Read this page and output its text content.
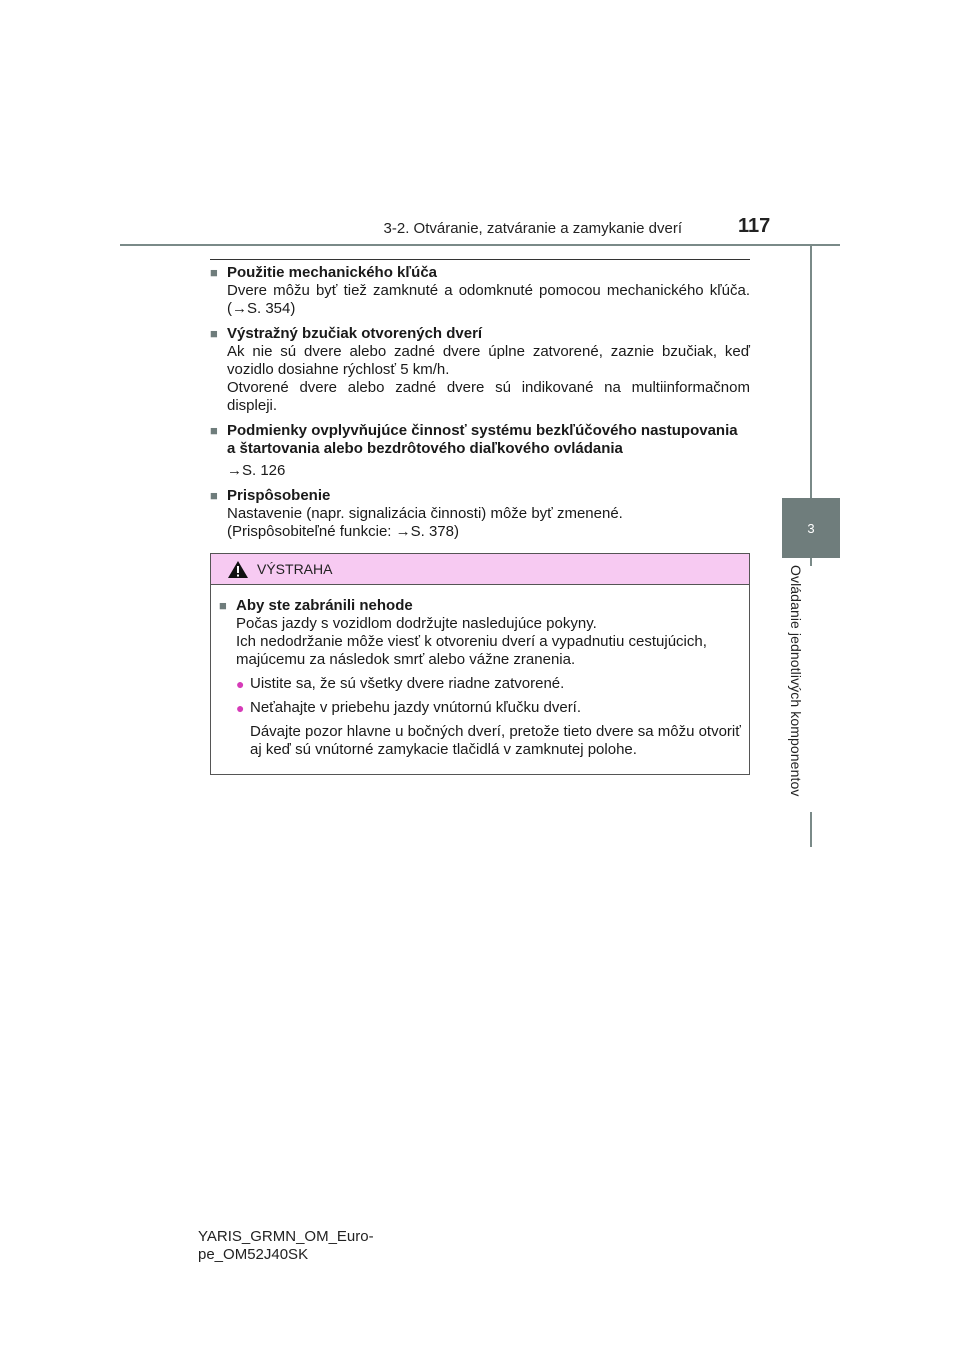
3-2. Otváranie, zatváranie a zamykanie dverí	117
3
Ovládanie jednotlivých komponentov
■ Použitie mechanického kľúča
Dvere môžu byť tiež zamknuté a odomknuté pomocou mechanického kľúča. (→S. 354)
■ Výstražný bzučiak otvorených dverí
Ak nie sú dvere alebo zadné dvere úplne zatvorené, zaznie bzučiak, keď vozidlo dosiahne rýchlosť 5 km/h.
Otvorené dvere alebo zadné dvere sú indikované na multiinformačnom displeji.
■ Podmienky ovplyvňujúce činnosť systému bezkľúčového nastupovania a štartovania alebo bezdrôtového diaľkového ovládania
→S. 126
■ Prispôsobenie
Nastavenie (napr. signalizácia činnosti) môže byť zmenené.
(Prispôsobiteľné funkcie: →S. 378)
VÝSTRAHA
■ Aby ste zabránili nehode
Počas jazdy s vozidlom dodržujte nasledujúce pokyny.
Ich nedodržanie môže viesť k otvoreniu dverí a vypadnutiu cestujúcich, majúcemu za následok smrť alebo vážne zranenia.
● Uistite sa, že sú všetky dvere riadne zatvorené.
● Neťahajte v priebehu jazdy vnútornú kľučku dverí.
Dávajte pozor hlavne u bočných dverí, pretože tieto dvere sa môžu otvoriť aj keď sú vnútorné zamykacie tlačidlá v zamknutej polohe.
YARIS_GRMN_OM_Euro-
pe_OM52J40SK
